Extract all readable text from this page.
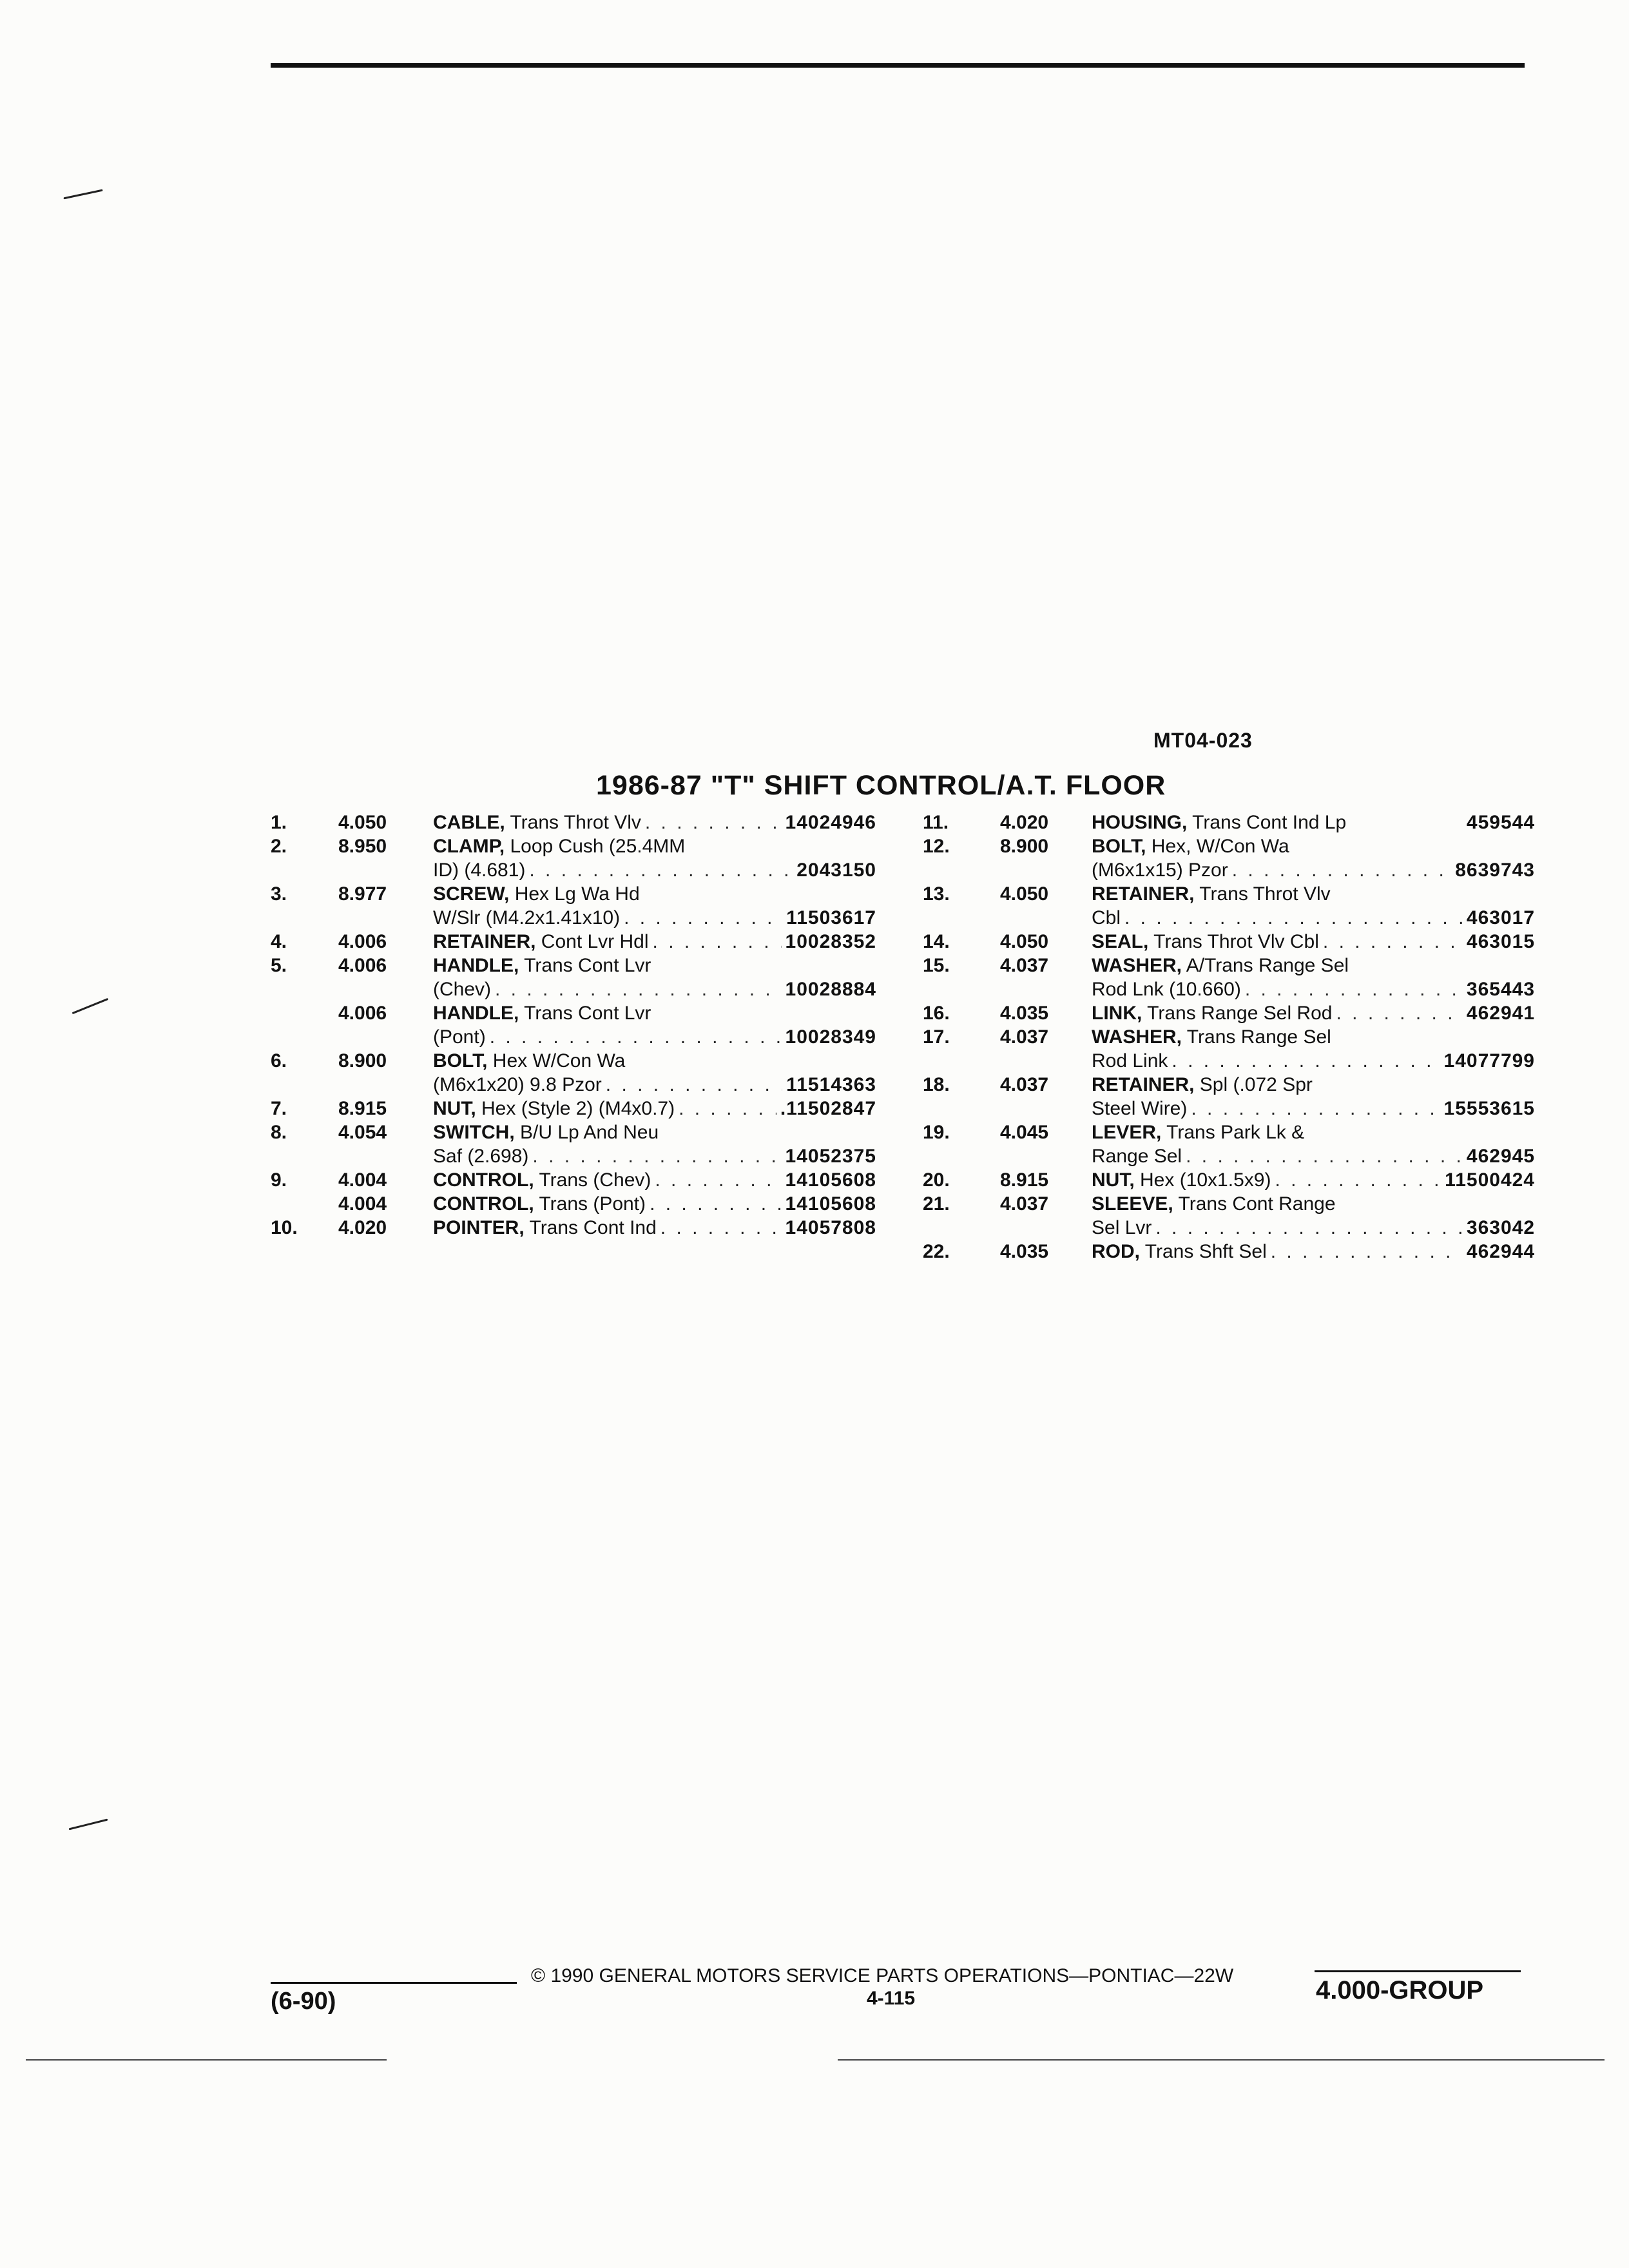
MT04-023
1986-87 "T" SHIFT CONTROL/A.T. FLOOR
1.	4.050 CABLE, Trans Throt Vlv . . .	14024946
2.	8.950 CLAMP, Loop Cush (25.4MM
ID) (4.681) . . .	2043150
3.	8.977 SCREW, Hex Lg Wa Hd
W/Slr (M4.2x1.41x10) . . .	11503617
4.	4.006 RETAINER, Cont Lvr Hdl . . .	10028352
5.	4.006 HANDLE, Trans Cont Lvr
(Chev) . . .	10028884
4.006 HANDLE, Trans Cont Lvr
(Pont) . . .	10028349
6.	8.900 BOLT, Hex W/Con Wa
(M6x1x20) 9.8 Pzor . . .	11514363
7.	8.915 NUT, Hex (Style 2) (M4x0.7) . . .	.11502847
8.	4.054 SWITCH, B/U Lp And Neu
Saf (2.698) . . .	14052375
9.	4.004 CONTROL, Trans (Chev) . . .	14105608
4.004 CONTROL, Trans (Pont) . . .	14105608
10.	4.020 POINTER, Trans Cont Ind . . .	14057808
11.	4.020 HOUSING, Trans Cont Ind Lp	459544
12.	8.900 BOLT, Hex, W/Con Wa
(M6x1x15) Pzor . . .	8639743
13.	4.050 RETAINER, Trans Throt Vlv
Cbl . . .	463017
14.	4.050 SEAL, Trans Throt Vlv Cbl . . .	463015
15.	4.037 WASHER, A/Trans Range Sel
Rod Lnk (10.660) . . .	365443
16.	4.035 LINK, Trans Range Sel Rod . . .	462941
17.	4.037 WASHER, Trans Range Sel
Rod Link . . .	14077799
18.	4.037 RETAINER, Spl (.072 Spr
Steel Wire) . . .	15553615
19.	4.045 LEVER, Trans Park Lk &
Range Sel . . .	462945
20.	8.915 NUT, Hex (10x1.5x9) . . .	11500424
21.	4.037 SLEEVE, Trans Cont Range
Sel Lvr . . .	363042
22.	4.035 ROD, Trans Shft Sel . . .	462944
© 1990 GENERAL MOTORS SERVICE PARTS OPERATIONS—PONTIAC—22W
4-115
(6-90)	4.000-GROUP
